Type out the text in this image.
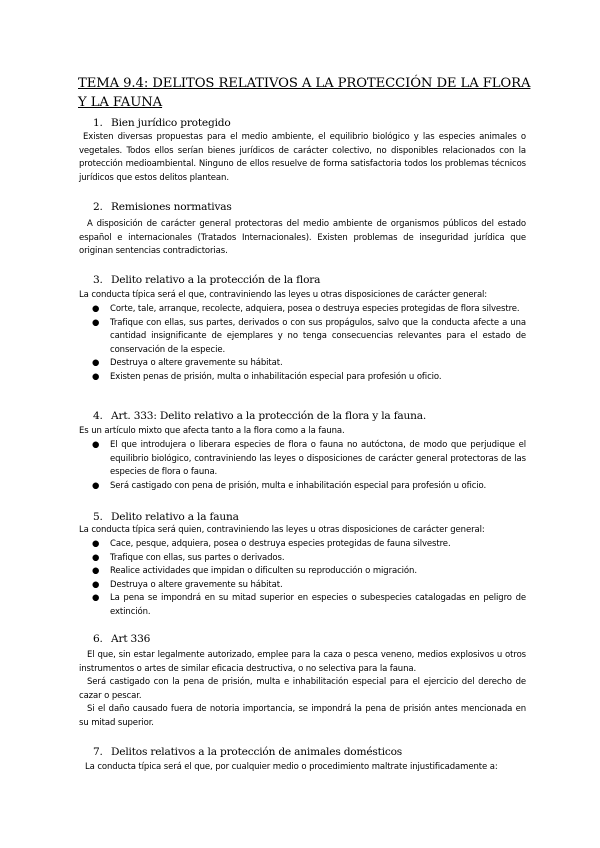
TEMA 9.4: DELITOS RELATIVOS A LA PROTECCIÓN DE LA FLORA Y LA FAUNA
1. Bien jurídico protegido

Existen diversas propuestas para el medio ambiente, el equilibrio biológico y las especies animales o vegetales. Todos ellos serían bienes jurídicos de carácter colectivo, no disponibles relacionados con la protección medioambiental. Ninguno de ellos resuelve de forma satisfactoria todos los problemas técnicos jurídicos que estos delitos plantean.

2. Remisiones normativas

A disposición de carácter general protectoras del medio ambiente de organismos públicos del estado español e internacionales (Tratados Internacionales). Existen problemas de inseguridad jurídica que originan sentencias contradictorias.

3. Delito relativo a la protección de la flora

La conducta típica será el que, contraviniendo las leyes u otras disposiciones de carácter general:

●	Corte, tale, arranque, recolecte, adquiera, posea o destruya especies protegidas de flora silvestre.
●	Trafique con ellas, sus partes, derivados o con sus propágulos, salvo que la conducta afecte a una cantidad insignificante de ejemplares y no tenga consecuencias relevantes para el estado de conservación de la especie.
●	Destruya o altere gravemente su hábitat.
●	Existen penas de prisión, multa o inhabilitación especial para profesión u oficio.
4. Art. 333: Delito relativo a la protección de la flora y la fauna.

Es un artículo mixto que afecta tanto a la flora como a la fauna.

●	El que introdujera o liberara especies de flora o fauna no autóctona, de modo que perjudique el equilibrio biológico, contraviniendo las leyes o disposiciones de carácter general protectoras de las especies de flora o fauna.
●	Será castigado con pena de prisión, multa e inhabilitación especial para profesión u oficio.
5. Delito relativo a la fauna

La conducta típica será quien, contraviniendo las leyes u otras disposiciones de carácter general:

●	Cace, pesque, adquiera, posea o destruya especies protegidas de fauna silvestre.
●	Trafique con ellas, sus partes o derivados.
●	Realice actividades que impidan o dificulten su reproducción o migración.
●	Destruya o altere gravemente su hábitat.
●	La pena se impondrá en su mitad superior en especies o subespecies catalogadas en peligro de extinción.
6. Art 336

El que, sin estar legalmente autorizado, emplee para la caza o pesca veneno, medios explosivos u otros instrumentos o artes de similar eficacia destructiva, o no selectiva para la fauna.

Será castigado con la pena de prisión, multa e inhabilitación especial para el ejercicio del derecho de cazar o pescar.

Si el daño causado fuera de notoria importancia, se impondrá la pena de prisión antes mencionada en su mitad superior.

7. Delitos relativos a la protección de animales domésticos

La conducta típica será el que, por cualquier medio o procedimiento maltrate injustificadamente a:
